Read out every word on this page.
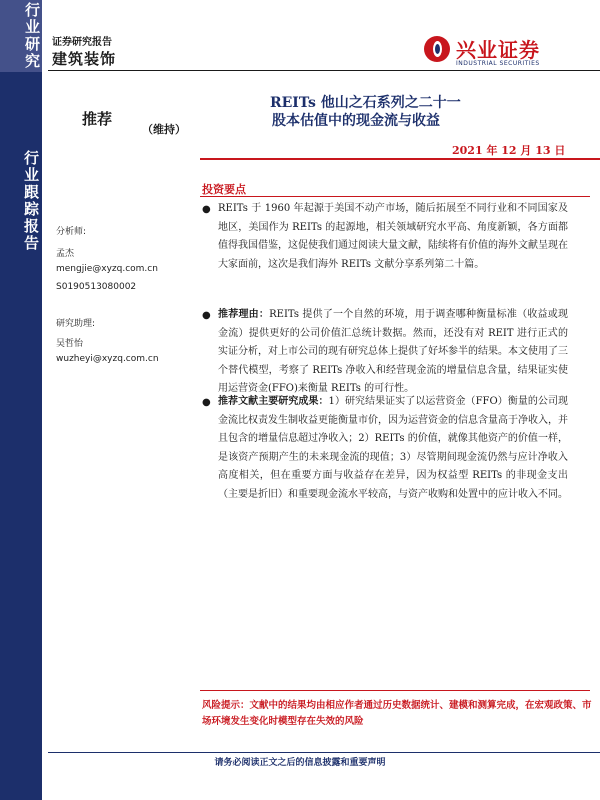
行业研究
行业跟踪报告
证券研究报告
建筑装饰	兴业证券
INDUSTRIAL SECURITIES
推荐
（维持）
REITs 他山之石系列之二十一
股本估值中的现金流与收益
2021 年 12 月 13 日
分析师:
孟杰
mengjie@xyzq.com.cn
S0190513080002
研究助理:
吴哲怡
wuzheyi@xyzq.com.cn
投资要点
● REITs 于 1960 年起源于美国不动产市场，随后拓展至不同行业和不同国家及地区，美国作为 REITs 的起源地，相关领域研究水平高、角度新颖，各方面都值得我国借鉴，这促使我们通过阅读大量文献，陆续将有价值的海外文献呈现在大家面前，这次是我们海外 REITs 文献分享系列第二十篇。
● 推荐理由：REITs 提供了一个自然的环境，用于调查哪种衡量标准（收益或现金流）提供更好的公司价值汇总统计数据。然而，还没有对 REIT 进行正式的实证分析，对上市公司的现有研究总体上提供了好坏参半的结果。本文使用了三个替代模型，考察了 REITs 净收入和经营现金流的增量信息含量，结果证实使用运营资金(FFO)来衡量 REITs 的可行性。
● 推荐文献主要研究成果：1）研究结果证实了以运营资金（FFO）衡量的公司现金流比权责发生制收益更能衡量市价，因为运营资金的信息含量高于净收入，并且包含的增量信息超过净收入；2）REITs 的价值，就像其他资产的价值一样，是该资产预期产生的未来现金流的现值；3）尽管期间现金流仍然与应计净收入高度相关，但在重要方面与收益存在差异，因为权益型 REITs 的非现金支出（主要是折旧）和重要现金流水平较高，与资产收购和处置中的应计收入不同。
风险提示：文献中的结果均由相应作者通过历史数据统计、建模和测算完成，在宏观政策、市场环境发生变化时模型存在失效的风险
请务必阅读正文之后的信息披露和重要声明
